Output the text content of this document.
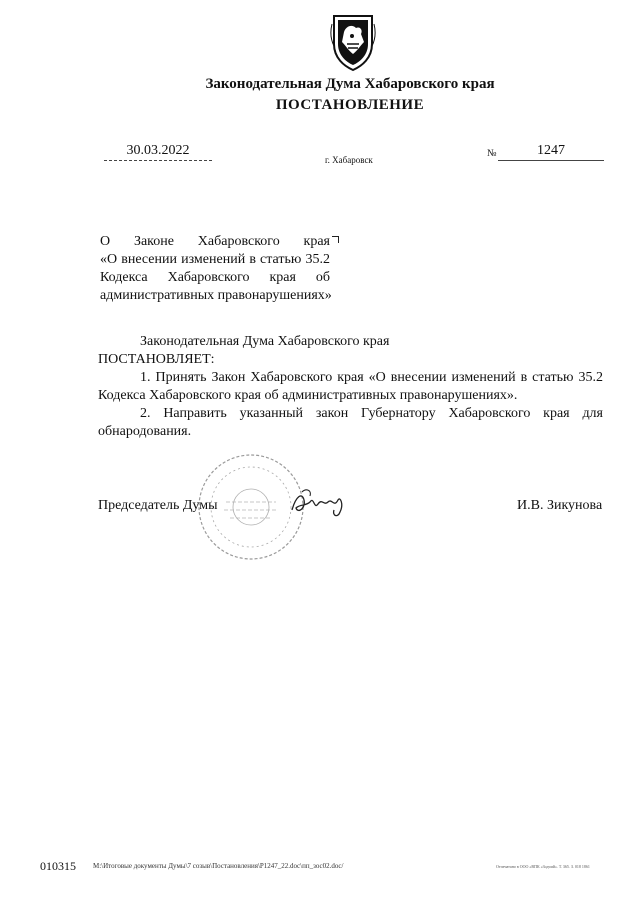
Законодательная Дума Хабаровского края
ПОСТАНОВЛЕНИЕ
30.03.2022
г. Хабаровск
№	1247
О Законе Хабаровского края
«О внесении изменений в статью 35.2
Кодекса Хабаровского края об
административных правонарушениях»
Законодательная Дума Хабаровского края
ПОСТАНОВЛЯЕТ:
1. Принять Закон Хабаровского края «О внесении изменений в статью 35.2 Кодекса Хабаровского края об административных правонарушениях».
2. Направить указанный закон Губернатору Хабаровского края для обнародования.
Председатель Думы	И.В. Зикунова
010315 M:\Итоговые документы Думы\7 созыв\Постановления\P1247_22.doc\пп_зос02.doc/	Отпечатано в ООО «ВПК «Зодчий». Т. 365. З. 018 1861
